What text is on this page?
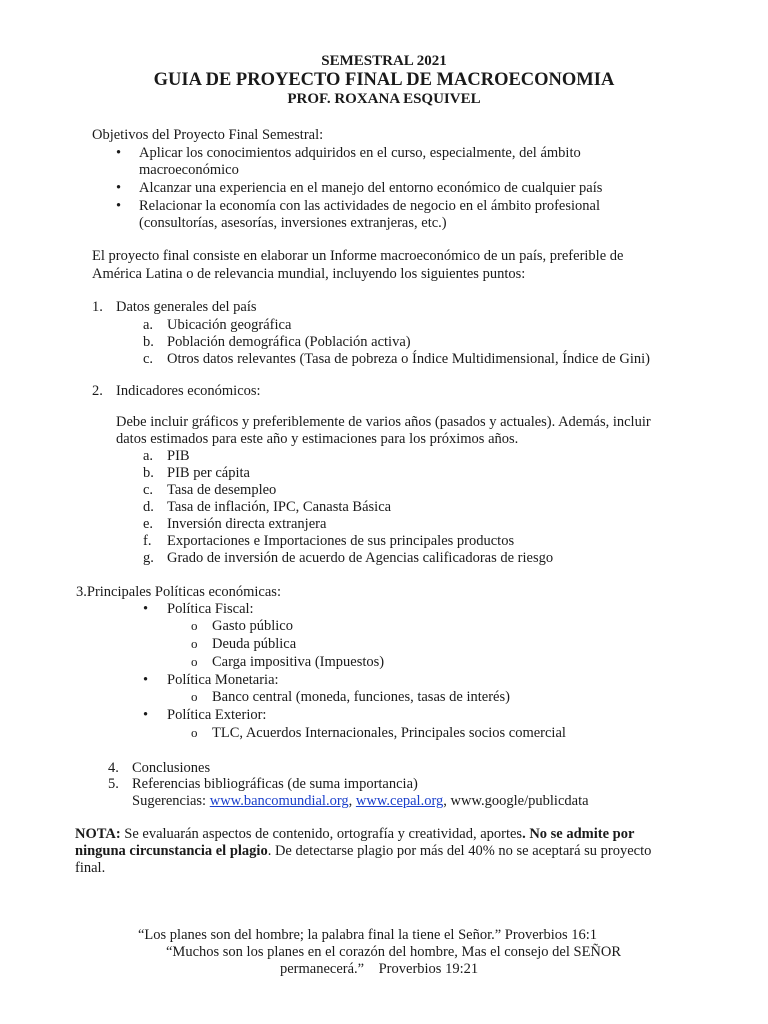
SEMESTRAL 2021
GUIA DE PROYECTO FINAL DE MACROECONOMIA
PROF. ROXANA ESQUIVEL
Objetivos del Proyecto Final Semestral:
•
Aplicar los conocimientos adquiridos en el curso, especialmente, del ámbito
macroeconómico
•
Alcanzar una experiencia en el manejo del entorno económico de cualquier país
•
Relacionar la economía con las actividades de negocio en el ámbito profesional
(consultorías, asesorías, inversiones extranjeras, etc.)
El proyecto final consiste en elaborar un Informe macroeconómico de un país, preferible de
América Latina o de relevancia mundial, incluyendo los siguientes puntos:
1. Datos generales del país
a. Ubicación geográfica
b. Población demográfica (Población activa)
c. Otros datos relevantes (Tasa de pobreza o Índice Multidimensional, Índice de Gini)
2. Indicadores económicos:
Debe incluir gráficos y preferiblemente de varios años (pasados y actuales). Además, incluir
datos estimados para este año y estimaciones para los próximos años.
a. PIB
b. PIB per cápita
c. Tasa de desempleo
d. Tasa de inflación, IPC, Canasta Básica
e. Inversión directa extranjera
f. Exportaciones e Importaciones de sus principales productos
g. Grado de inversión de acuerdo de Agencias calificadoras de riesgo
3.Principales Políticas económicas:
•
Política Fiscal:
o Gasto público
o Deuda pública
o Carga impositiva (Impuestos)
•
Política Monetaria:
o Banco central (moneda, funciones, tasas de interés)
•
Política Exterior:
o TLC, Acuerdos Internacionales, Principales socios comercial
4. Conclusiones
5. Referencias bibliográficas (de suma importancia)
Sugerencias: www.bancomundial.org, www.cepal.org, www.google/publicdata
NOTA: Se evaluarán aspectos de contenido, ortografía y creatividad, aportes. No se admite por
ninguna circunstancia el plagio. De detectarse plagio por más del 40% no se aceptará su proyecto
final.
“Los planes son del hombre; la palabra final la tiene el Señor.” Proverbios 16:1
“Muchos son los planes en el corazón del hombre, Mas el consejo del SEÑOR
permanecerá.”    Proverbios 19:21
